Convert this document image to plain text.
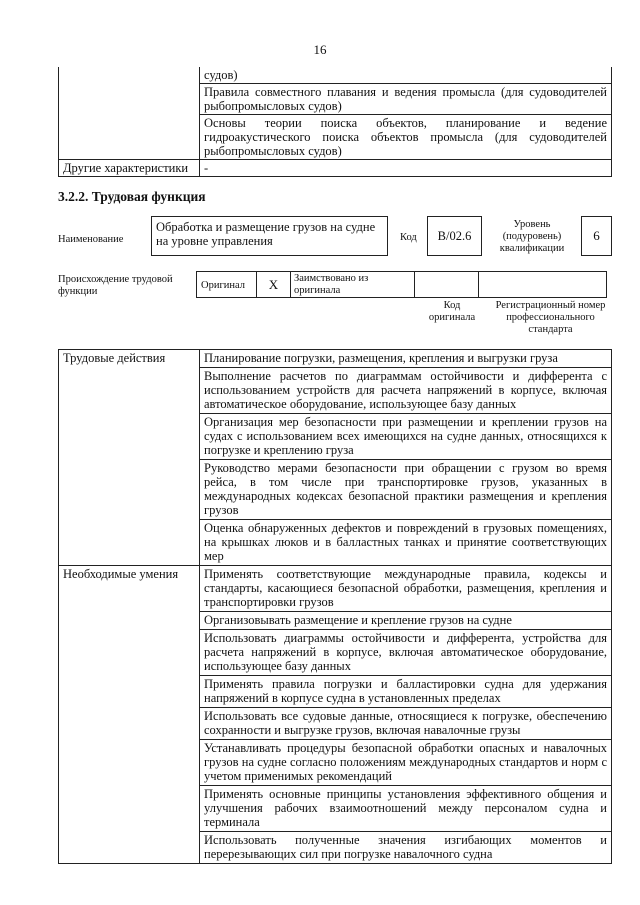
16
	судов)
	Правила совместного плавания и ведения промысла (для судоводителей рыбопромысловых судов)
	Основы теории поиска объектов, планирование и ведение гидроакустического поиска объектов промысла (для судоводителей рыбопромысловых судов)
Другие характеристики	-
3.2.2. Трудовая функция
Наименование
Обработка и размещение грузов на судне на уровне управления	Код	B/02.6
Уровень (подуровень) квалификации
6
Происхождение трудовой функции
Оригинал	X	Заимствовано из оригинала
Код оригинала
Регистрационный номер профессионального стандарта
Трудовые действия	Планирование погрузки, размещения, крепления и выгрузки груза
	Выполнение расчетов по диаграммам остойчивости и дифферента с использованием устройств для расчета напряжений в корпусе, включая автоматическое оборудование, использующее базу данных
	Организация мер безопасности при размещении и креплении грузов на судах с использованием всех имеющихся на судне данных, относящихся к погрузке и креплению груза
	Руководство мерами безопасности при обращении с грузом во время рейса, в том числе при транспортировке грузов, указанных в международных кодексах безопасной практики размещения и крепления грузов
	Оценка обнаруженных дефектов и повреждений в грузовых помещениях, на крышках люков и в балластных танках и принятие соответствующих мер
Необходимые умения	Применять соответствующие международные правила, кодексы и стандарты, касающиеся безопасной обработки, размещения, крепления и транспортировки грузов
	Организовывать размещение и крепление грузов на судне
	Использовать диаграммы остойчивости и дифферента, устройства для расчета напряжений в корпусе, включая автоматическое оборудование, использующее базу данных
	Применять правила погрузки и балластировки судна для удержания напряжений в корпусе судна в установленных пределах
	Использовать все судовые данные, относящиеся к погрузке, обеспечению сохранности и выгрузке грузов, включая навалочные грузы
	Устанавливать процедуры безопасной обработки опасных и навалочных грузов на судне согласно положениям международных стандартов и норм с учетом применимых рекомендаций
	Применять основные принципы установления эффективного общения и улучшения рабочих взаимоотношений между персоналом судна и терминала
	Использовать полученные значения изгибающих моментов и перерезывающих сил при погрузке навалочного судна
